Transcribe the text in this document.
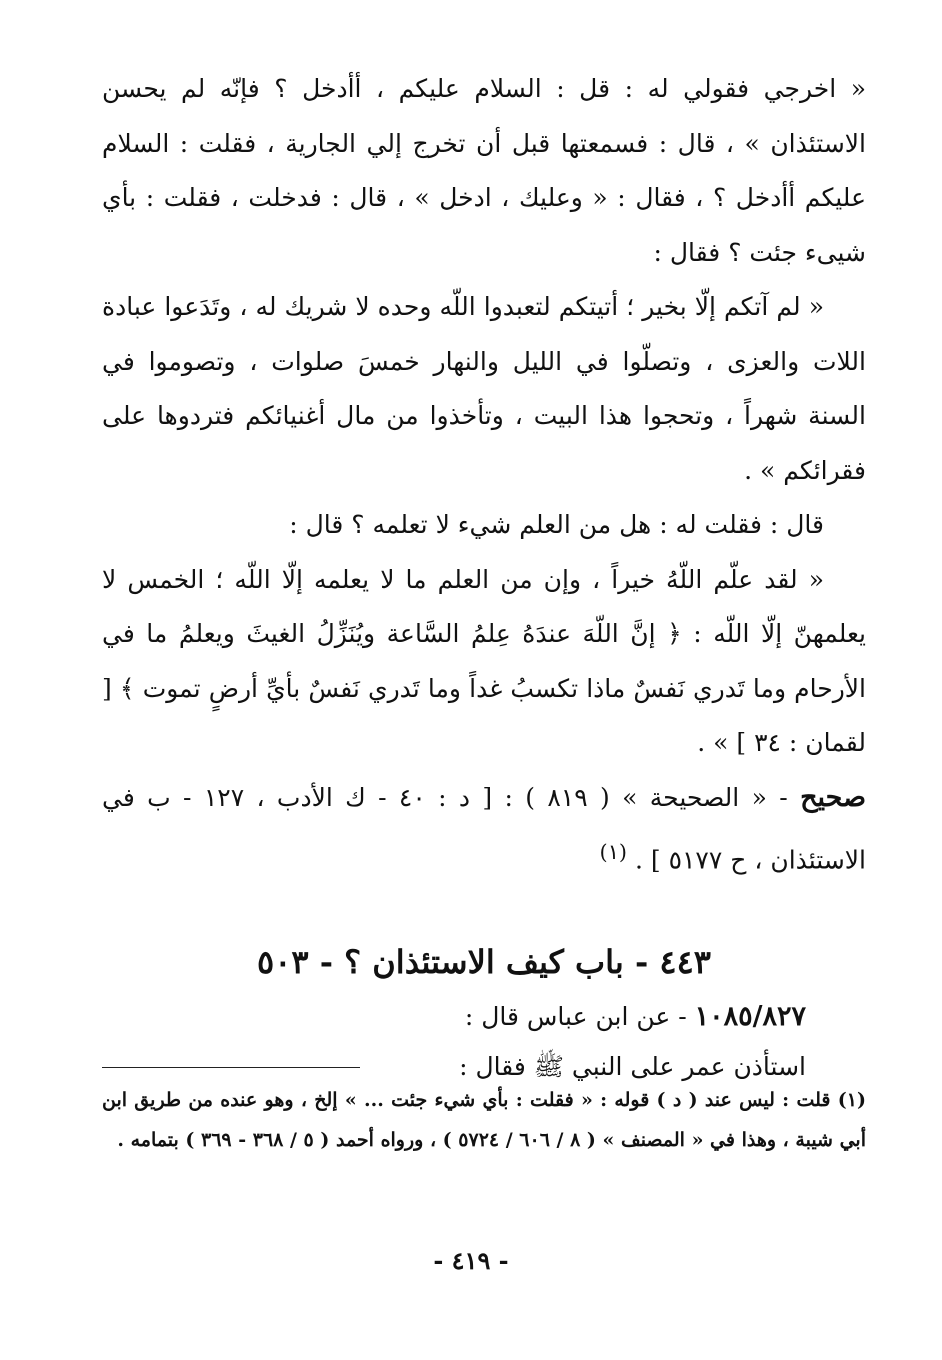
« اخرجي فقولي له : قل : السلام عليكم ، أأدخل ؟ فإنّه لم يحسن الاستئذان » ، قال : فسمعتها قبل أن تخرج إلي الجارية ، فقلت : السلام عليكم أأدخل ؟ ، فقال : « وعليك ، ادخل » ، قال : فدخلت ، فقلت : بأي شيىء جئت ؟ فقال :

« لم آتكم إلّا بخير ؛ أتيتكم لتعبدوا اللّه وحده لا شريك له ، وتَدَعوا عبادة اللات والعزى ، وتصلّوا في الليل والنهار خمسَ صلوات ، وتصوموا في السنة شهراً ، وتحجوا هذا البيت ، وتأخذوا من مال أغنيائكم فتردوها على فقرائكم » .

قال : فقلت له : هل من العلم شيء لا تعلمه ؟ قال :

« لقد علّم اللّهُ خيراً ، وإن من العلم ما لا يعلمه إلّا اللّه ؛ الخمس لا يعلمهنّ إلّا اللّه : ﴿ إنَّ اللّهَ عندَهُ عِلمُ السَّاعة ويُنَزِّلُ الغيثَ ويعلمُ ما في الأرحام وما تَدري نَفسٌ ماذا تكسبُ غداً وما تَدري نَفسٌ بأيِّ أرضٍ تموت ﴾ [ لقمان : ٣٤ ] » .

صحيح - « الصحيحة » ( ٨١٩ ) : [ د : ٤٠ - ك الأدب ، ١٢٧ - ب في الاستئذان ، ح ٥١٧٧ ] . $^{(١)}$

٤٤٣ - باب كيف الاستئذان ؟ - ٥٠٣

١٠٨٥/٨٢٧ - عن ابن عباس قال :

استأذن عمر على النبي ﷺ فقال :

(١) قلت : ليس عند ( د ) قوله : « فقلت : بأي شيء جئت ... » إلخ ، وهو عنده من طريق ابن أبي شيبة ، وهذا في « المصنف » ( ٨ / ٦٠٦ / ٥٧٢٤ ) ، ورواه أحمد ( ٥ / ٣٦٨ - ٣٦٩ ) بتمامه .
- ٤١٩ -
